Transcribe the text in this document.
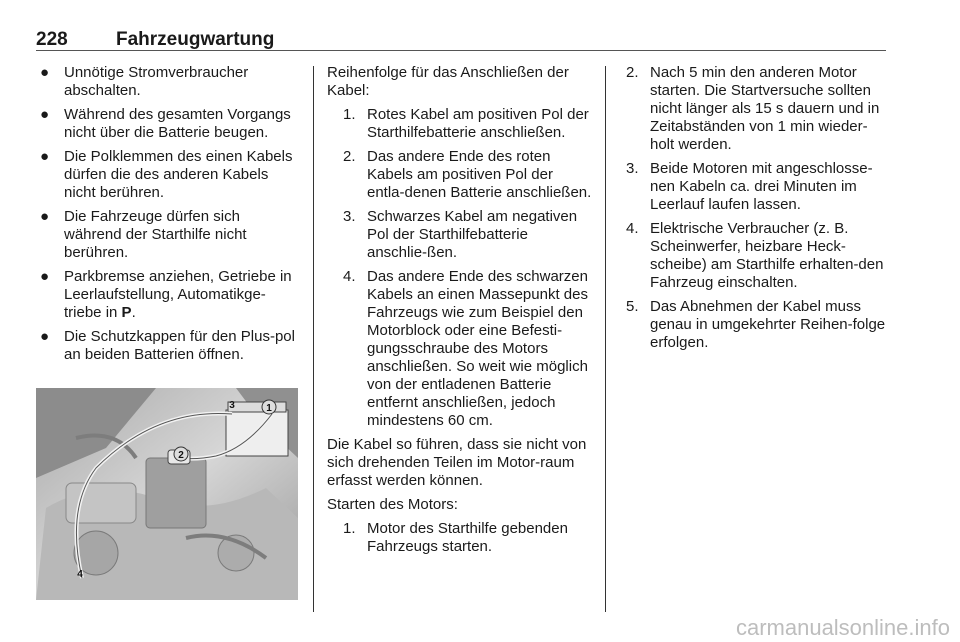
228	Fahrzeugwartung
● Unnötige Stromverbraucher abschalten.
● Während des gesamten Vorgangs nicht über die Batterie beugen.
● Die Polklemmen des einen Kabels dürfen die des anderen Kabels nicht berühren.
● Die Fahrzeuge dürfen sich während der Starthilfe nicht berühren.
● Parkbremse anziehen, Getriebe in Leerlaufstellung, Automatikge-triebe in P.
● Die Schutzkappen für den Plus-pol an beiden Batterien öffnen.
1
2
3
4

Reihenfolge für das Anschließen der Kabel:

1. Rotes Kabel am positiven Pol der Starthilfebatterie anschließen.
2. Das andere Ende des roten Kabels am positiven Pol der entla-denen Batterie anschließen.
3. Schwarzes Kabel am negativen Pol der Starthilfebatterie anschlie-ßen.
4. Das andere Ende des schwarzen Kabels an einen Massepunkt des Fahrzeugs wie zum Beispiel den Motorblock oder eine Befesti-gungsschraube des Motors anschließen. So weit wie möglich von der entladenen Batterie entfernt anschließen, jedoch mindestens 60 cm.

Die Kabel so führen, dass sie nicht von sich drehenden Teilen im Motor-raum erfasst werden können.

Starten des Motors:

1. Motor des Starthilfe gebenden Fahrzeugs starten.
2. Nach 5 min den anderen Motor starten. Die Startversuche sollten nicht länger als 15 s dauern und in Zeitabständen von 1 min wieder-holt werden.
3. Beide Motoren mit angeschlosse-nen Kabeln ca. drei Minuten im Leerlauf laufen lassen.
4. Elektrische Verbraucher (z. B. Scheinwerfer, heizbare Heck-scheibe) am Starthilfe erhalten-den Fahrzeug einschalten.
5. Das Abnehmen der Kabel muss genau in umgekehrter Reihen-folge erfolgen.
carmanualsonline.info
